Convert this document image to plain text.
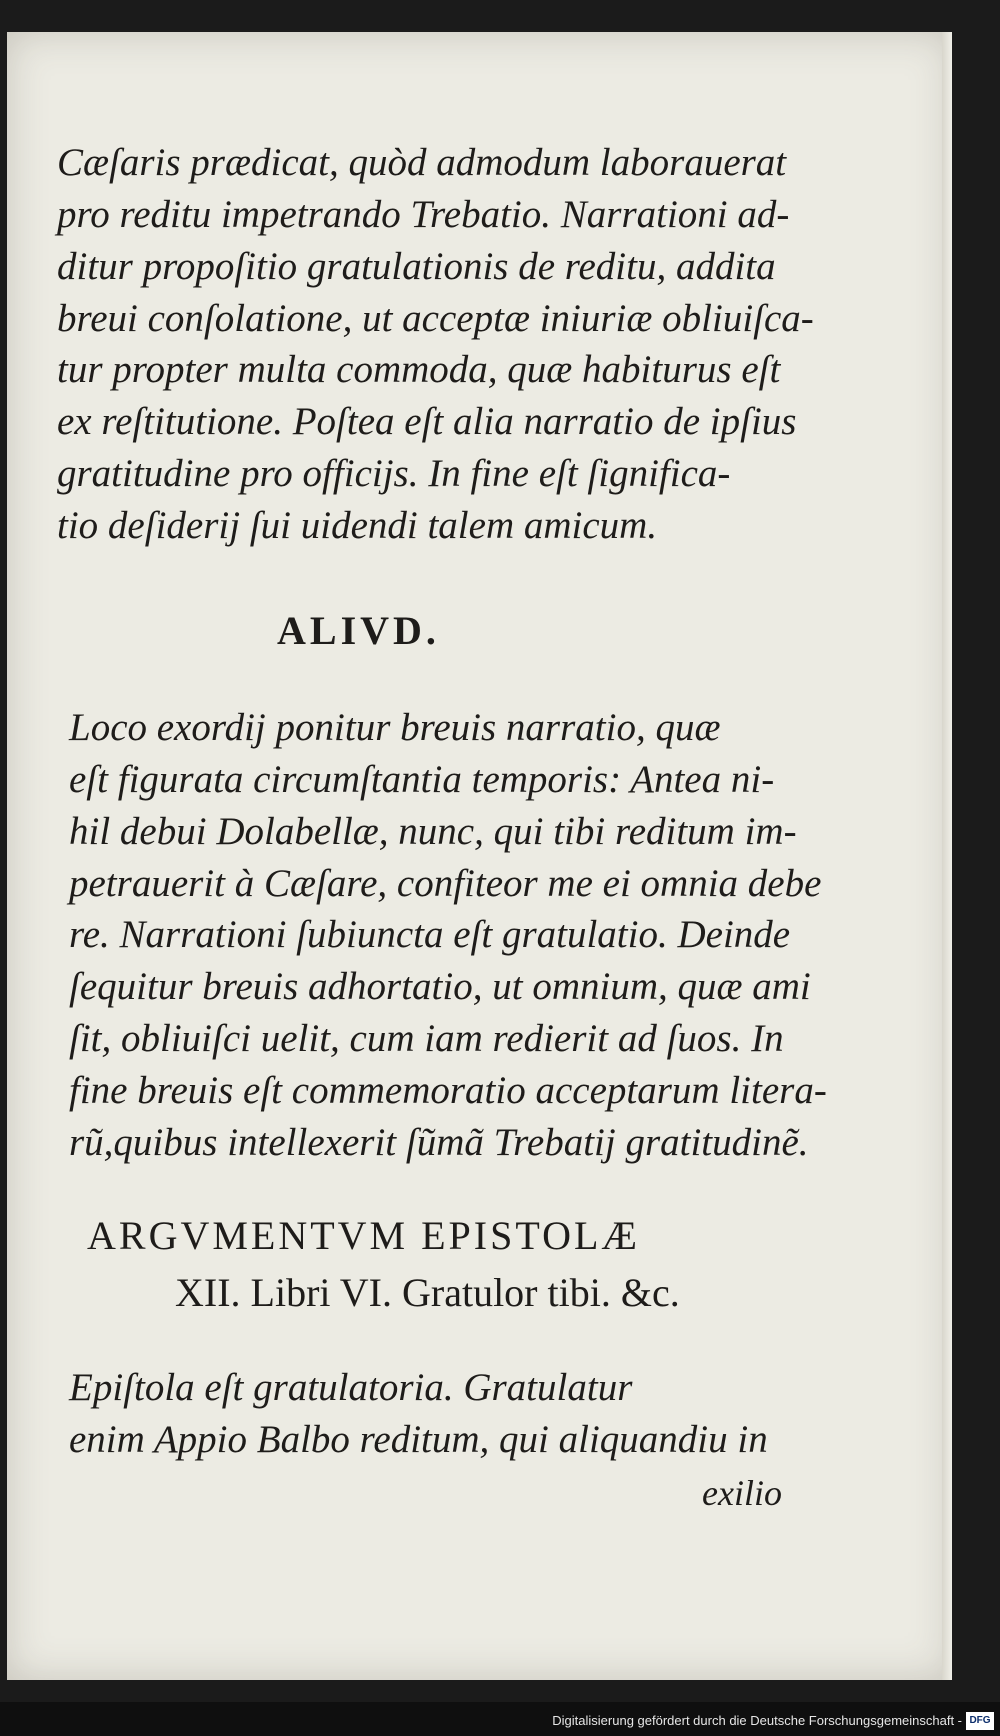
Cæſaris prædicat, quòd admodum laborauerat
pro reditu impetrando Trebatio. Narrationi ad-
ditur propoſitio gratulationis de reditu, addita
breui conſolatione, ut acceptæ iniuriæ obliuiſca-
tur propter multa commoda, quæ habiturus eſt
ex reſtitutione. Poſtea eſt alia narratio de ipſius
gratitudine pro officijs. In fine eſt ſignifica-
tio deſiderij ſui uidendi talem amicum.
ALIVD.
Loco exordij ponitur breuis narratio, quæ
eſt figurata circumſtantia temporis: Antea ni-
hil debui Dolabellæ, nunc, qui tibi reditum im-
petrauerit à Cæſare, confiteor me ei omnia debe
re. Narrationi ſubiuncta eſt gratulatio. Deinde
ſequitur breuis adhortatio, ut omnium, quæ ami
ſit, obliuiſci uelit, cum iam redierit ad ſuos. In
fine breuis eſt commemoratio acceptarum litera-
rũ,quibus intellexerit ſũmã Trebatij gratitudinẽ.
ARGVMENTVM EPISTOLÆ
XII. Libri VI. Gratulor tibi. &c.
Epiſtola eſt gratulatoria. Gratulatur
enim Appio Balbo reditum, qui aliquandiu in
exilio
Digitalisierung gefördert durch die Deutsche Forschungsgemeinschaft - DFG
